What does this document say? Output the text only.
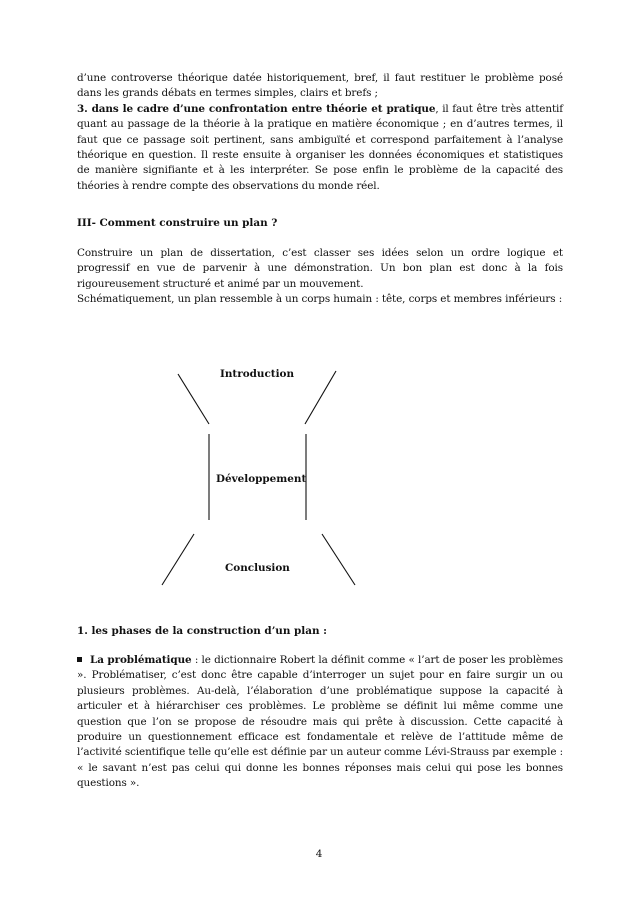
d’une controverse théorique datée historiquement, bref, il faut restituer le problème posé dans les grands débats en termes simples, clairs et brefs ;
3. dans le cadre d’une confrontation entre théorie et pratique, il faut être très attentif quant au passage de la théorie à la pratique en matière économique ; en d’autres termes, il faut que ce passage soit pertinent, sans ambiguïté et correspond parfaitement à l’analyse théorique en question. Il reste ensuite à organiser les données économiques et statistiques de manière signifiante et à les interpréter. Se pose enfin le problème de la capacité des théories à rendre compte des observations du monde réel.
III- Comment construire un plan ?
Construire un plan de dissertation, c’est classer ses idées selon un ordre logique et progressif en vue de parvenir à une démonstration. Un bon plan est donc à la fois rigoureusement structuré et animé par un mouvement.
Schématiquement, un plan ressemble à un corps humain : tête, corps et membres inférieurs :
Introduction
Développement
Conclusion
1. les phases de la construction d’un plan :
La problématique : le dictionnaire Robert la définit comme « l’art de poser les problèmes ». Problématiser, c’est donc être capable d’interroger un sujet pour en faire surgir un ou plusieurs problèmes. Au-delà, l’élaboration d’une problématique suppose la capacité à articuler et à hiérarchiser ces problèmes. Le problème se définit lui même comme une question que l’on se propose de résoudre mais qui prête à discussion. Cette capacité à produire un questionnement efficace est fondamentale et relève de l’attitude même de l’activité scientifique telle qu’elle est définie par un auteur comme Lévi-Strauss par exemple : « le savant n’est pas celui qui donne les bonnes réponses mais celui qui pose les bonnes questions ».
4
